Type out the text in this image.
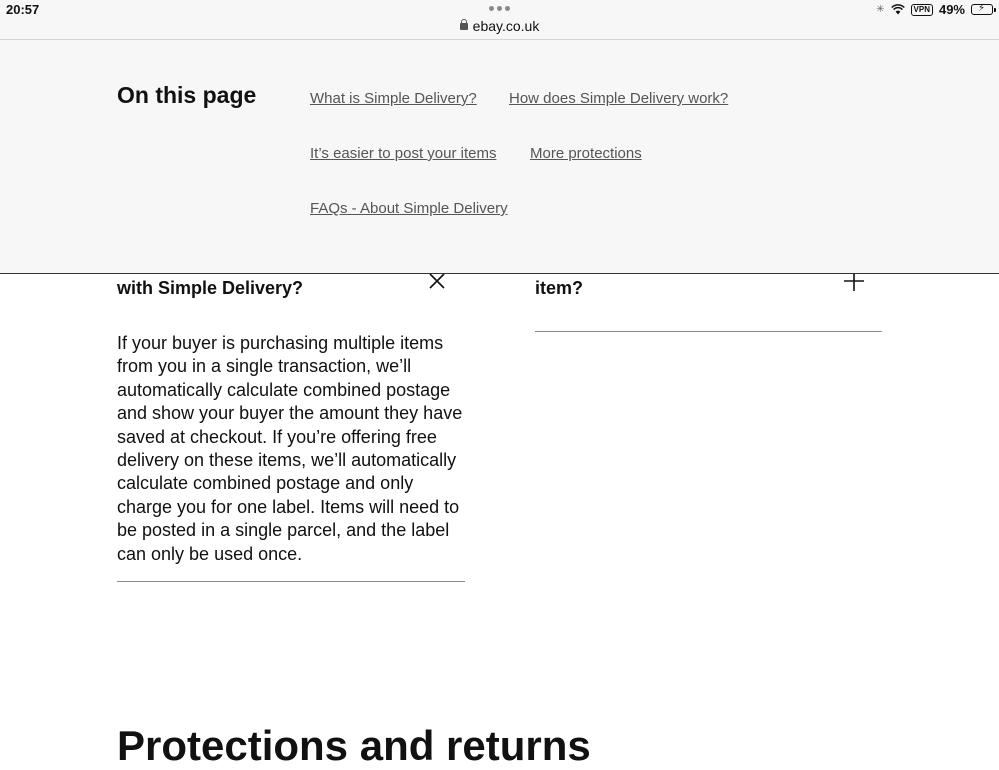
with Simple Delivery?

If your buyer is purchasing multiple items from you in a single transaction, we’ll automatically calculate combined postage and show your buyer the amount they have saved at checkout. If you’re offering free delivery on these items, we’ll automatically calculate combined postage and only charge you for one label. Items will need to be posted in a single parcel, and the label can only be used once.

item?
Protections and returns
On this page	What is Simple Delivery? How does Simple Delivery work?
It’s easier to post your items More protections
FAQs - About Simple Delivery
20:57
ebay.co.uk
✳	VPN 49% ⚡
